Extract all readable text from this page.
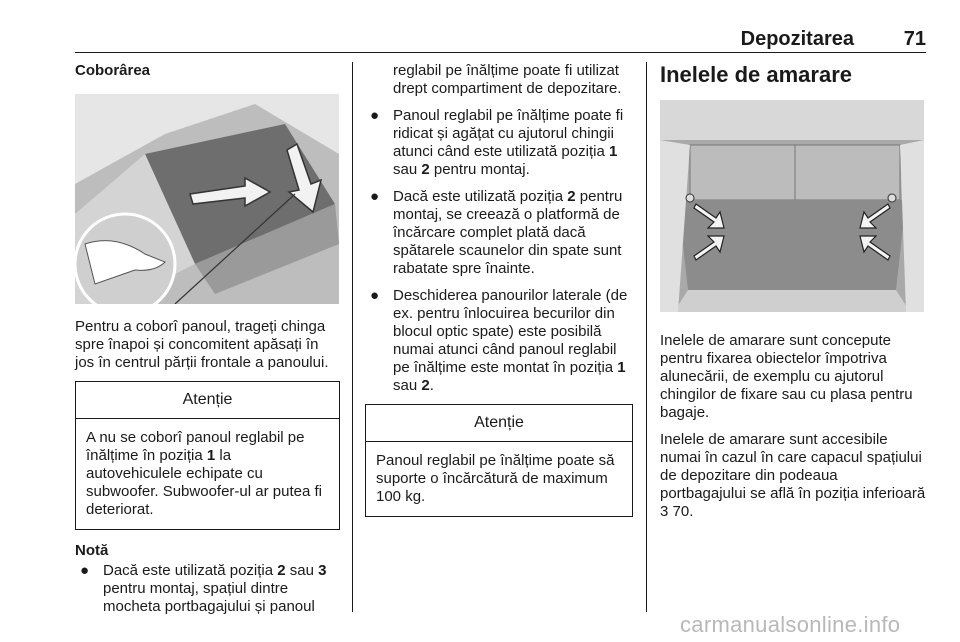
Depozitarea 71
Coborârea

Pentru a coborî panoul, trageți chinga spre înapoi și concomitent apăsați în jos în centrul părții frontale a panoului.

Atenție
A nu se coborî panoul reglabil pe înălțime în poziția 1 la autovehiculele echipate cu subwoofer. Subwoofer-ul ar putea fi deteriorat.
Notă
● Dacă este utilizată poziția 2 sau 3 pentru montaj, spațiul dintre mocheta portbagajului și panoul
reglabil pe înălțime poate fi utilizat drept compartiment de depozitare.
● Panoul reglabil pe înălțime poate fi ridicat și agățat cu ajutorul chingii atunci când este utilizată poziția 1 sau 2 pentru montaj.
● Dacă este utilizată poziția 2 pentru montaj, se creează o platformă de încărcare complet plată dacă spătarele scaunelor din spate sunt rabatate spre înainte.
● Deschiderea panourilor laterale (de ex. pentru înlocuirea becurilor din blocul optic spate) este posibilă numai atunci când panoul reglabil pe înălțime este montat în poziția 1 sau 2.
Atenție
Panoul reglabil pe înălțime poate să suporte o încărcătură de maximum 100 kg.
Inelele de amarare

Inelele de amarare sunt concepute pentru fixarea obiectelor împotriva alunecării, de exemplu cu ajutorul chingilor de fixare sau cu plasa pentru bagaje.

Inelele de amarare sunt accesibile numai în cazul în care capacul spațiului de depozitare din podeaua portbagajului se află în poziția inferioară 3 70.

carmanualsonline.info
